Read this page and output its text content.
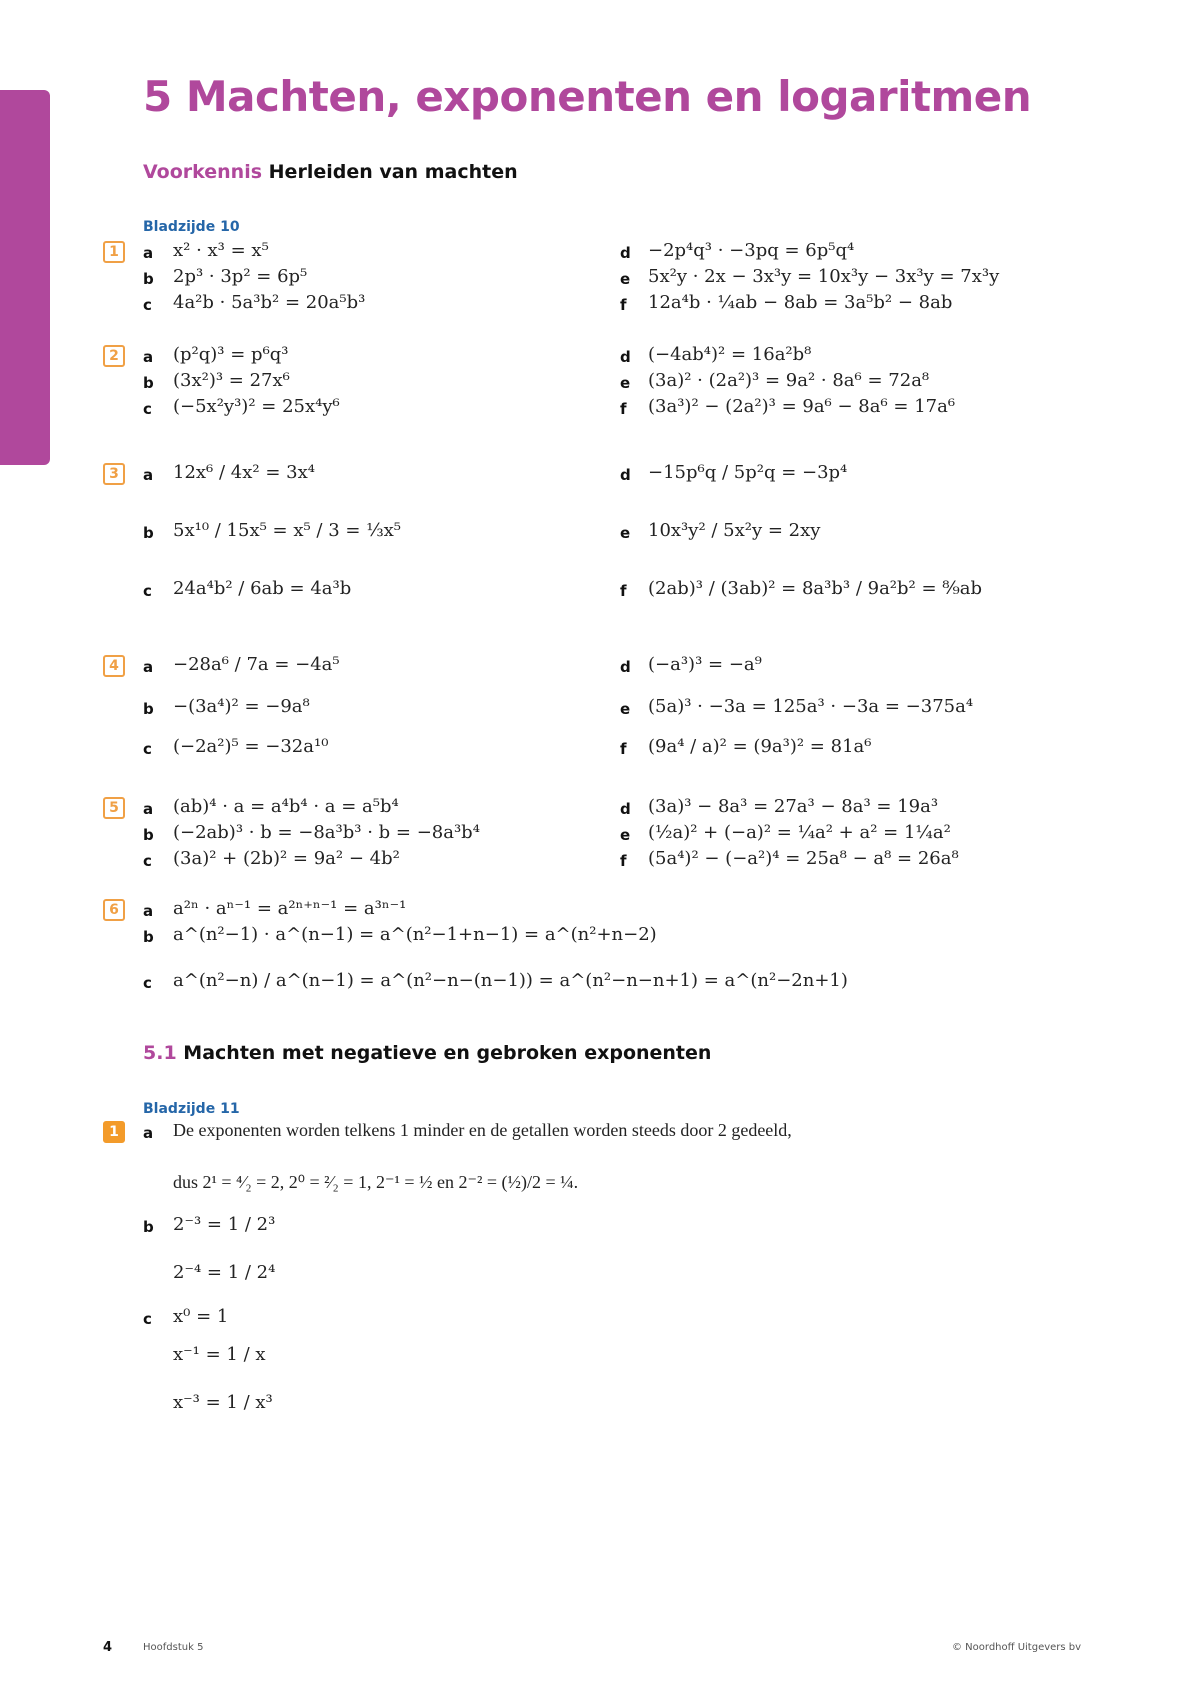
5 Machten, exponenten en logaritmen
Voorkennis Herleiden van machten
Bladzijde 10
1	a x² · x³ = x⁵
b 2p³ · 3p² = 6p⁵
c 4a²b · 5a³b² = 20a⁵b³
d −2p⁴q³ · −3pq = 6p⁵q⁴
e 5x²y · 2x − 3x³y = 10x³y − 3x³y = 7x³y
f 12a⁴b · ¼ab − 8ab = 3a⁵b² − 8ab
2	a (p²q)³ = p⁶q³
b (3x²)³ = 27x⁶
c (−5x²y³)² = 25x⁴y⁶
d (−4ab⁴)² = 16a²b⁸
e (3a)² · (2a²)³ = 9a² · 8a⁶ = 72a⁸
f (3a³)² − (2a²)³ = 9a⁶ − 8a⁶ = 17a⁶
3	a 12x⁶ / 4x² = 3x⁴
b 5x¹⁰ / 15x⁵ = x⁵ / 3 = ⅓x⁵
c 24a⁴b² / 6ab = 4a³b
d −15p⁶q / 5p²q = −3p⁴
e 10x³y² / 5x²y = 2xy
f (2ab)³ / (3ab)² = 8a³b³ / 9a²b² = ⁸⁄₉ab
4	a −28a⁶ / 7a = −4a⁵
b −(3a⁴)² = −9a⁸
c (−2a²)⁵ = −32a¹⁰
d (−a³)³ = −a⁹
e (5a)³ · −3a = 125a³ · −3a = −375a⁴
f (9a⁴ / a)² = (9a³)² = 81a⁶
5	a (ab)⁴ · a = a⁴b⁴ · a = a⁵b⁴
b (−2ab)³ · b = −8a³b³ · b = −8a³b⁴
c (3a)² + (2b)² = 9a² − 4b²
d (3a)³ − 8a³ = 27a³ − 8a³ = 19a³
e (½a)² + (−a)² = ¼a² + a² = 1¼a²
f (5a⁴)² − (−a²)⁴ = 25a⁸ − a⁸ = 26a⁸
6	a a²ⁿ · aⁿ⁻¹ = a²ⁿ⁺ⁿ⁻¹ = a³ⁿ⁻¹
b a^(n²−1) · a^(n−1) = a^(n²−1+n−1) = a^(n²+n−2)
c a^(n²−n) / a^(n−1) = a^(n²−n−(n−1)) = a^(n²−n−n+1) = a^(n²−2n+1)
5.1 Machten met negatieve en gebroken exponenten
Bladzijde 11
1	a De exponenten worden telkens 1 minder en de getallen worden steeds door 2 gedeeld,
dus 2¹ = ⁴⁄₂ = 2, 2⁰ = ²⁄₂ = 1, 2⁻¹ = ½ en 2⁻² = (½)/2 = ¼.
b 2⁻³ = 1 / 2³
2⁻⁴ = 1 / 2⁴
c x⁰ = 1
x⁻¹ = 1 / x
x⁻³ = 1 / x³
4	Hoofdstuk 5	© Noordhoff Uitgevers bv
